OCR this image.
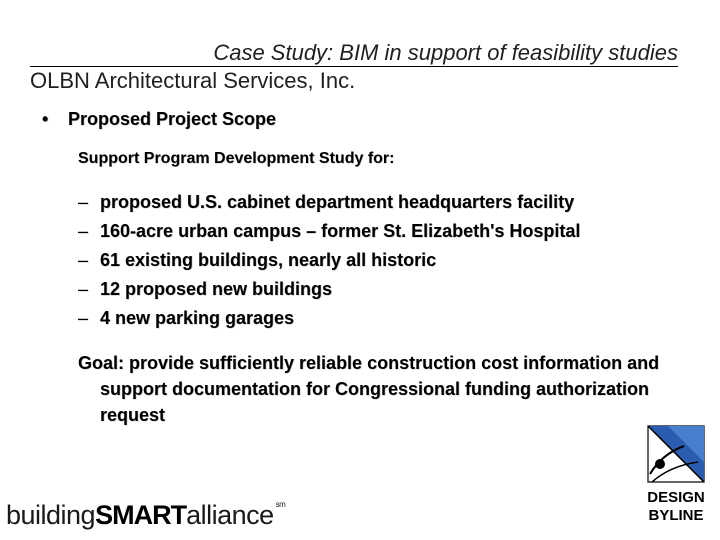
Case Study: BIM in support of feasibility studies
OLBN Architectural Services, Inc.
• Proposed Project Scope
Support Program Development Study for:
– proposed U.S. cabinet department headquarters facility
– 160-acre urban campus – former St. Elizabeth's Hospital
– 61 existing buildings, nearly all historic
– 12 proposed new buildings
– 4 new parking garages
Goal: provide sufficiently reliable construction cost information and support documentation for Congressional funding authorization request
buildingSMARTalliance $^{sm}$	DESIGN
BYLINE
